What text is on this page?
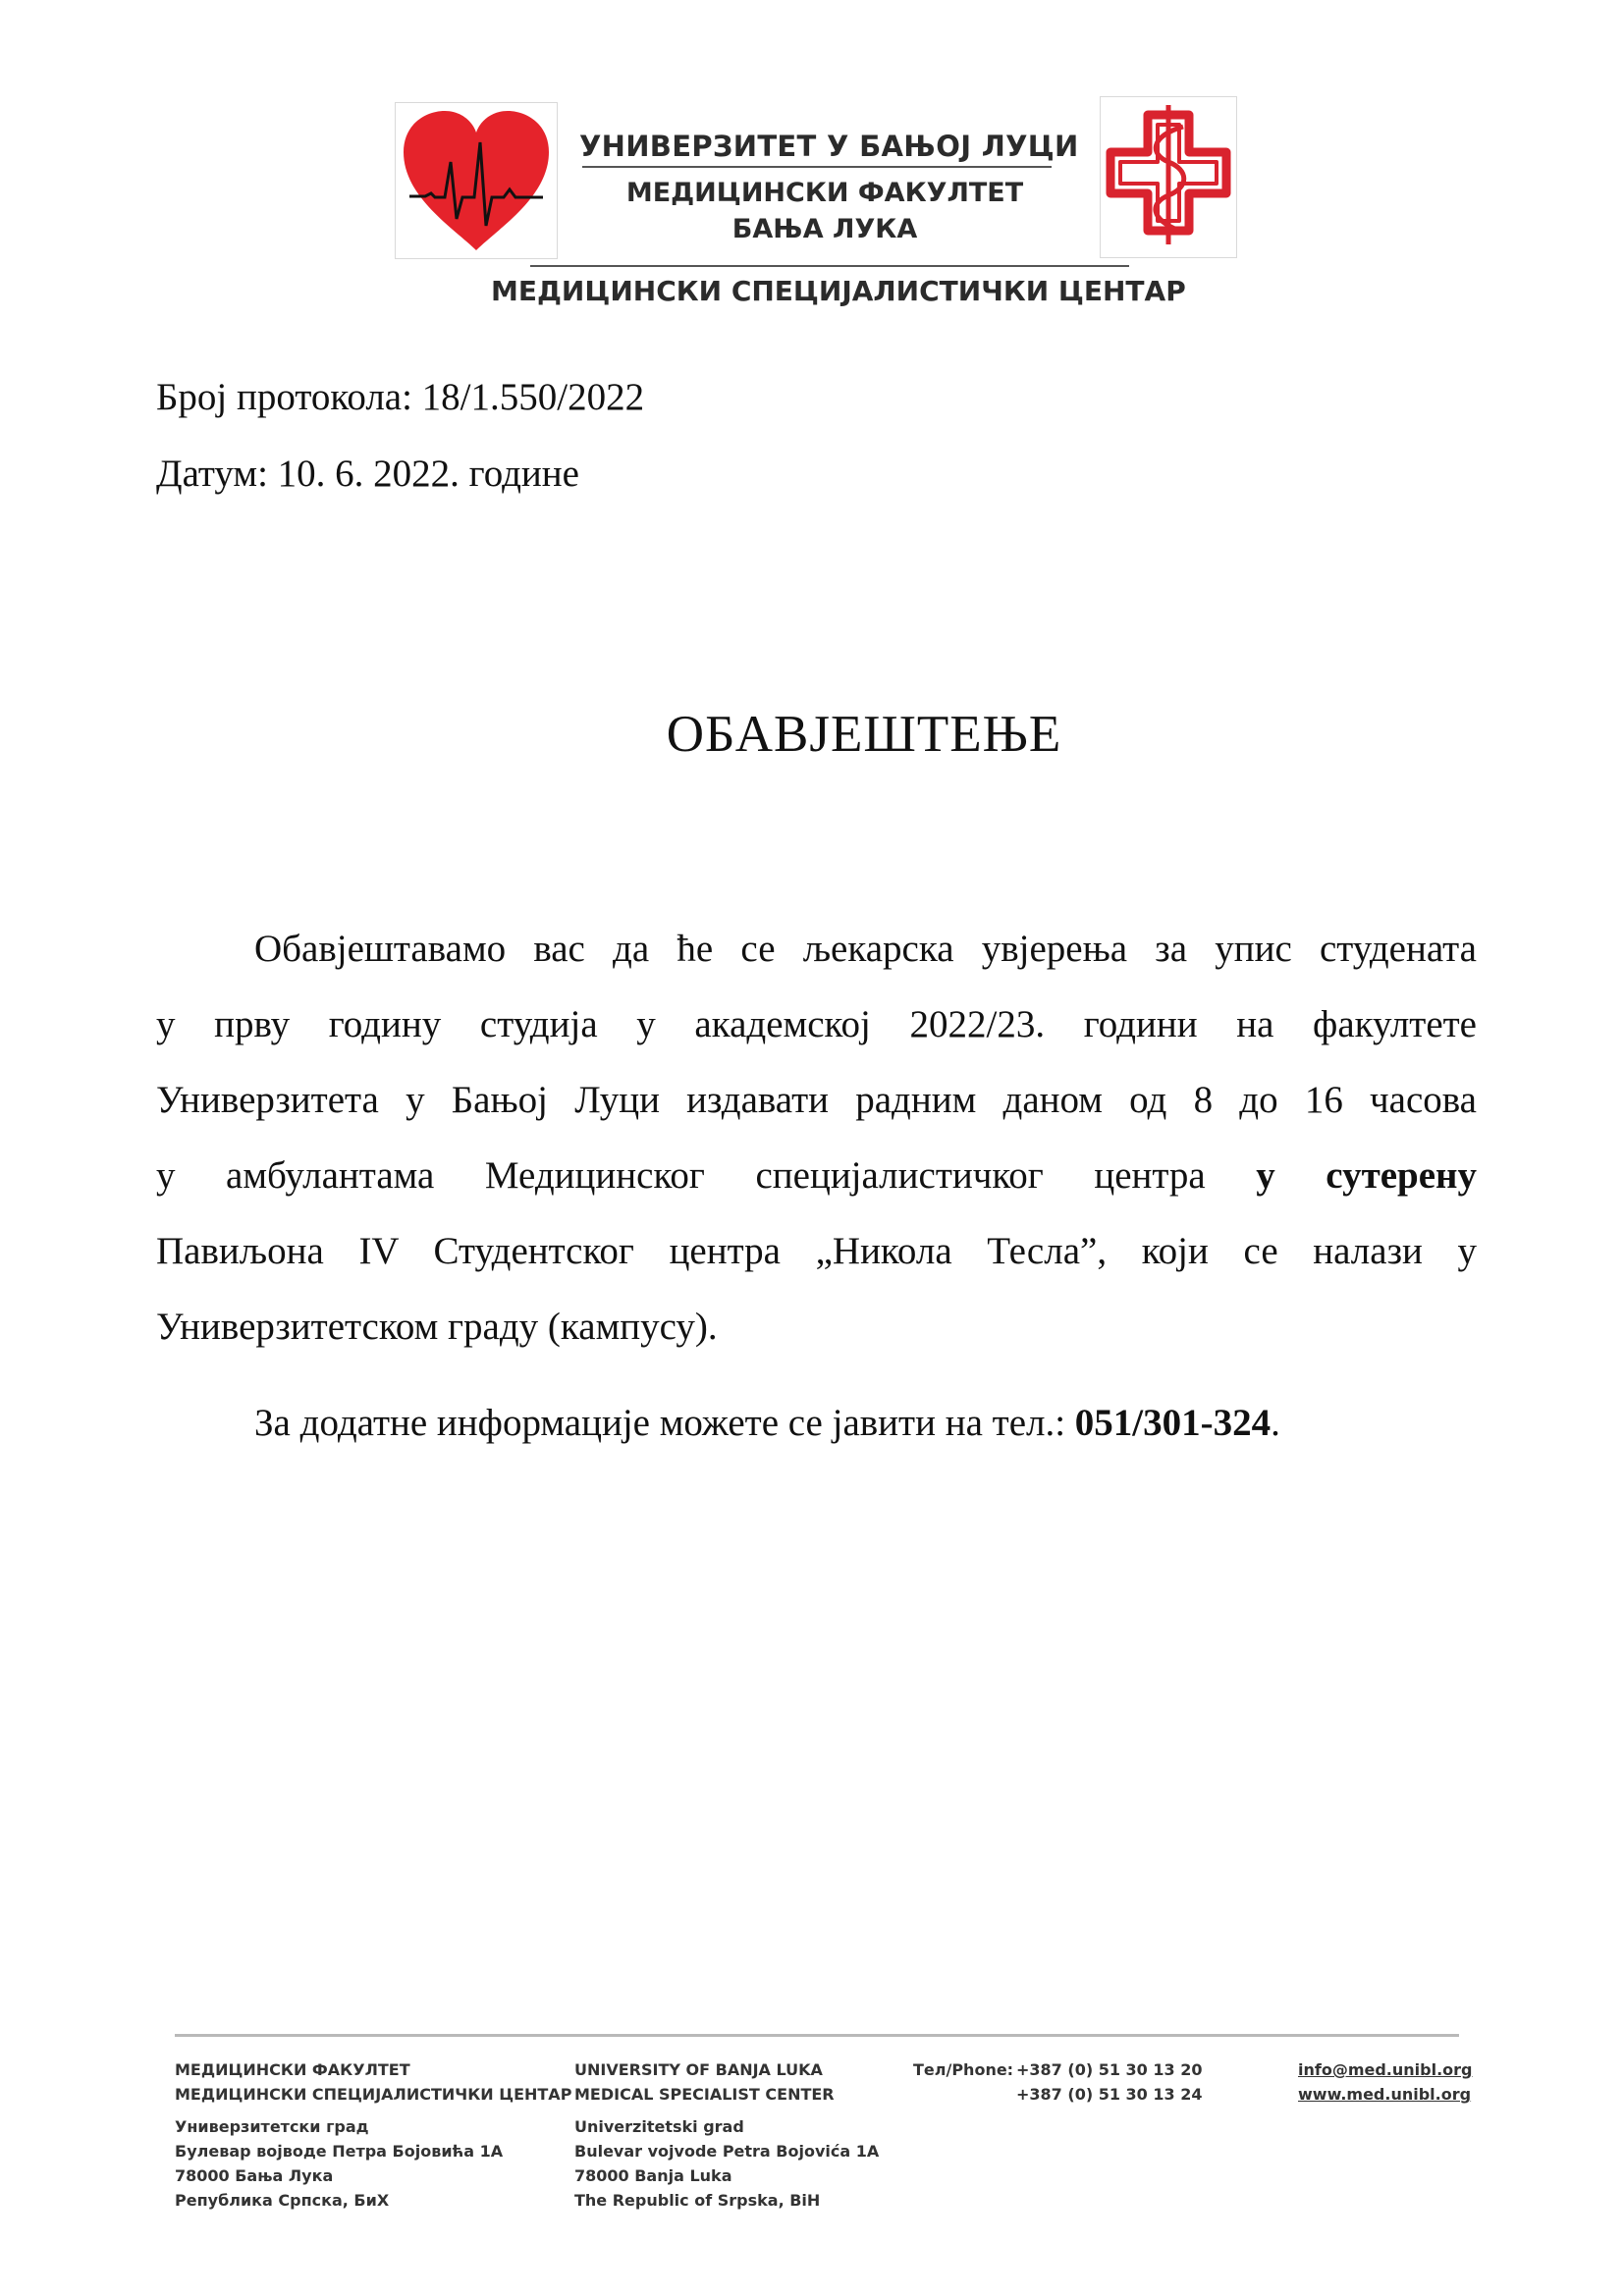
УНИВЕРЗИТЕТ У БАЊОЈ ЛУЦИ
МЕДИЦИНСКИ ФАКУЛТЕТ
БАЊА ЛУКА
МЕДИЦИНСКИ СПЕЦИЈАЛИСТИЧКИ ЦЕНТАР
Број протокола: 18/1.550/2022
Датум: 10. 6. 2022. године
ОБАВЈЕШТЕЊЕ
Обавјештавамо вас да ће се љекарска увјерења за упис студената
у прву годину студија у академској 2022/23. години на факултете
Универзитета у Бањој Луци издавати радним даном од 8 до 16 часова
у амбулантама Медицинског специјалистичког центра у сутерену
Павиљона IV Студентског центра „Никола Тесла”, који се налази у
Универзитетском граду (кампусу).
За додатне информације можете се јавити на тел.: 051/301-324.
МЕДИЦИНСКИ ФАКУЛТЕТ
МЕДИЦИНСКИ СПЕЦИЈАЛИСТИЧКИ ЦЕНТАР
Универзитетски град
Булевар војводе Петра Бојовића 1А
78000 Бања Лука
Република Српска, БиХ
UNIVERSITY OF BANJA LUKA
MEDICAL SPECIALIST CENTER
Univerzitetski grad
Bulevar vojvode Petra Bojovića 1A
78000 Banja Luka
The Republic of Srpska, BiH
Тел/Phone: +387 (0) 51 30 13 20
+387 (0) 51 30 13 24
info@med.unibl.org
www.med.unibl.org
